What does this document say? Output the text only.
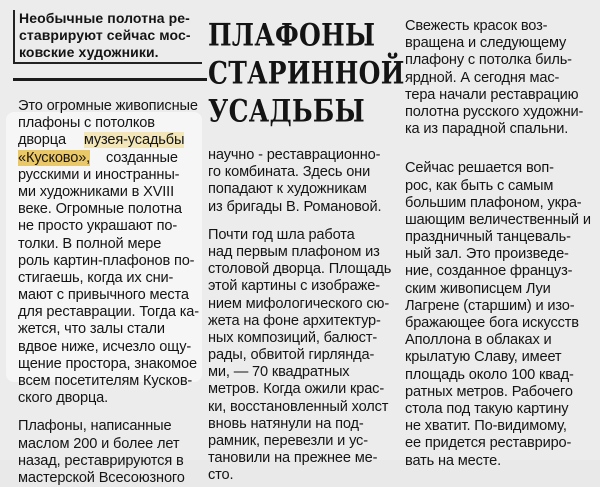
Необычные полотна ре-
ставрируют сейчас мос-
ковские художники.	ПЛАФОНЫ
СТАРИННОЙ
УСАДЬБЫ
Это огромные живописные
плафоны с потолков
дворца музея-усадьбы
«Кусково», созданные
русскими и иностранны-
ми художниками в XVIII
веке. Огромные полотна
не просто украшают по-
толки. В полной мере
роль картин-плафонов по-
стигаешь, когда их сни-
мают с привычного места
для реставрации. Тогда ка-
жется, что залы стали
вдвое ниже, исчезло ощу-
щение простора, знакомое
всем посетителям Кусков-
ского дворца.
Плафоны, написанные
маслом 200 и более лет
назад, реставрируются в
мастерской Всесоюзного
научно - реставрационно-
го комбината. Здесь они
попадают к художникам
из бригады В. Романовой.
Почти год шла работа
над первым плафоном из
столовой дворца. Площадь
этой картины с изображе-
нием мифологического сю-
жета на фоне архитектур-
ных композиций, балюст-
рады, обвитой гирлянда-
ми, — 70 квадратных
метров. Когда ожили крас-
ки, восстановленный холст
вновь натянули на под-
рамник, перевезли и ус-
тановили на прежнее ме-
сто.
Свежесть красок воз-
вращена и следующему
плафону с потолка биль-
ярдной. А сегодня мас-
тера начали реставрацию
полотна русского художни-
ка из парадной спальни.
Сейчас решается воп-
рос, как быть с самым
большим плафоном, укра-
шающим величественный и
праздничный танцеваль-
ный зал. Это произведе-
ние, созданное француз-
ским живописцем Луи
Лагрене (старшим) и изо-
бражающее бога искусств
Аполлона в облаках и
крылатую Славу, имеет
площадь около 100 квад-
ратных метров. Рабочего
стола под такую картину
не хватит. По-видимому,
ее придется реставриро-
вать на месте.
